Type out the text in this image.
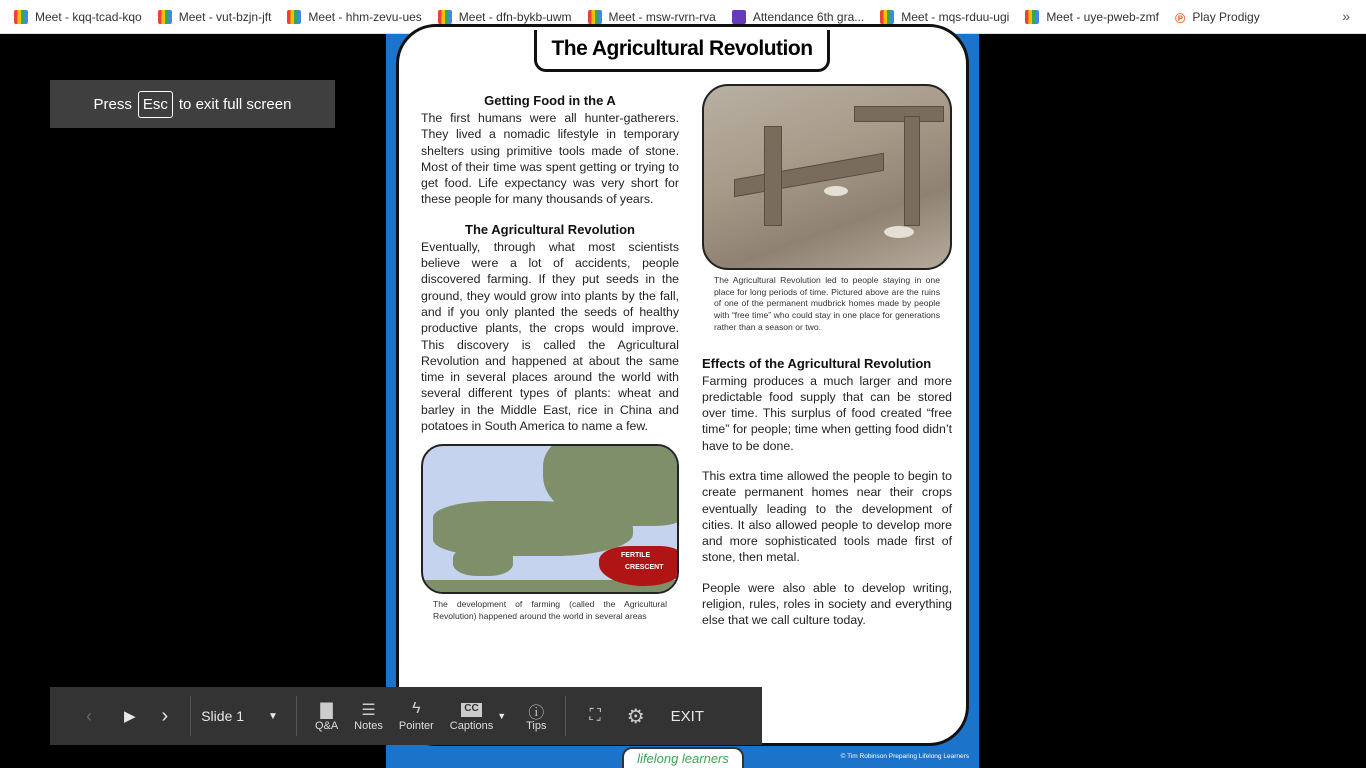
Meet - kqq-tcad-kqo	Meet - vut-bzjn-jft	Meet - hhm-zevu-ues	Meet - dfn-bykb-uwm	Meet - msw-rvrn-rva	Attendance 6th gra...	Meet - mqs-rduu-ugi	Meet - uye-pweb-zmf ℗ Play Prodigy	»
Getting Food in the A
The first humans were all hunter-gatherers. They lived a nomadic lifestyle in temporary shelters using primitive tools made of stone. Most of their time was spent getting or trying to get food. Life expectancy was very short for these people for many thousands of years.
The Agricultural Revolution
Eventually, through what most scientists believe were a lot of accidents, people discovered farming. If they put seeds in the ground, they would grow into plants by the fall, and if you only planted the seeds of healthy productive plants, the crops would improve. This discovery is called the Agricultural Revolution and happened at about the same time in several places around the world with several different types of plants: wheat and barley in the Middle East, rice in China and potatoes in South America to name a few.
FERTILE
CRESCENT
The development of farming (called the Agricultural Revolution) happened around the world in several areas
The Agricultural Revolution led to people staying in one place for long periods of time. Pictured above are the ruins of one of the permanent mudbrick homes made by people with “free time” who could stay in one place for generations rather than a season or two.
Effects of the Agricultural Revolution
Farming produces a much larger and more predictable food supply that can be stored over time. This surplus of food created “free time” for people; time when getting food didn’t have to be done.
This extra time allowed the people to begin to create permanent homes near their crops eventually leading to the development of cities. It also allowed people to develop more and more sophisticated tools made first of stone, then metal.
People were also able to develop writing, religion, rules, roles in society and everything else that we call culture today.
The Agricultural Revolution
lifelong learners	© Tim Robinson Preparing Lifelong Learners
Press Esc to exit full screen
‹ ▶ › Slide 1 ▼	▇
Q&A
☰
Notes
ϟ
Pointer
CC
Captions
▼ ⓘ
Tips
⛶ ⚙ EXIT
